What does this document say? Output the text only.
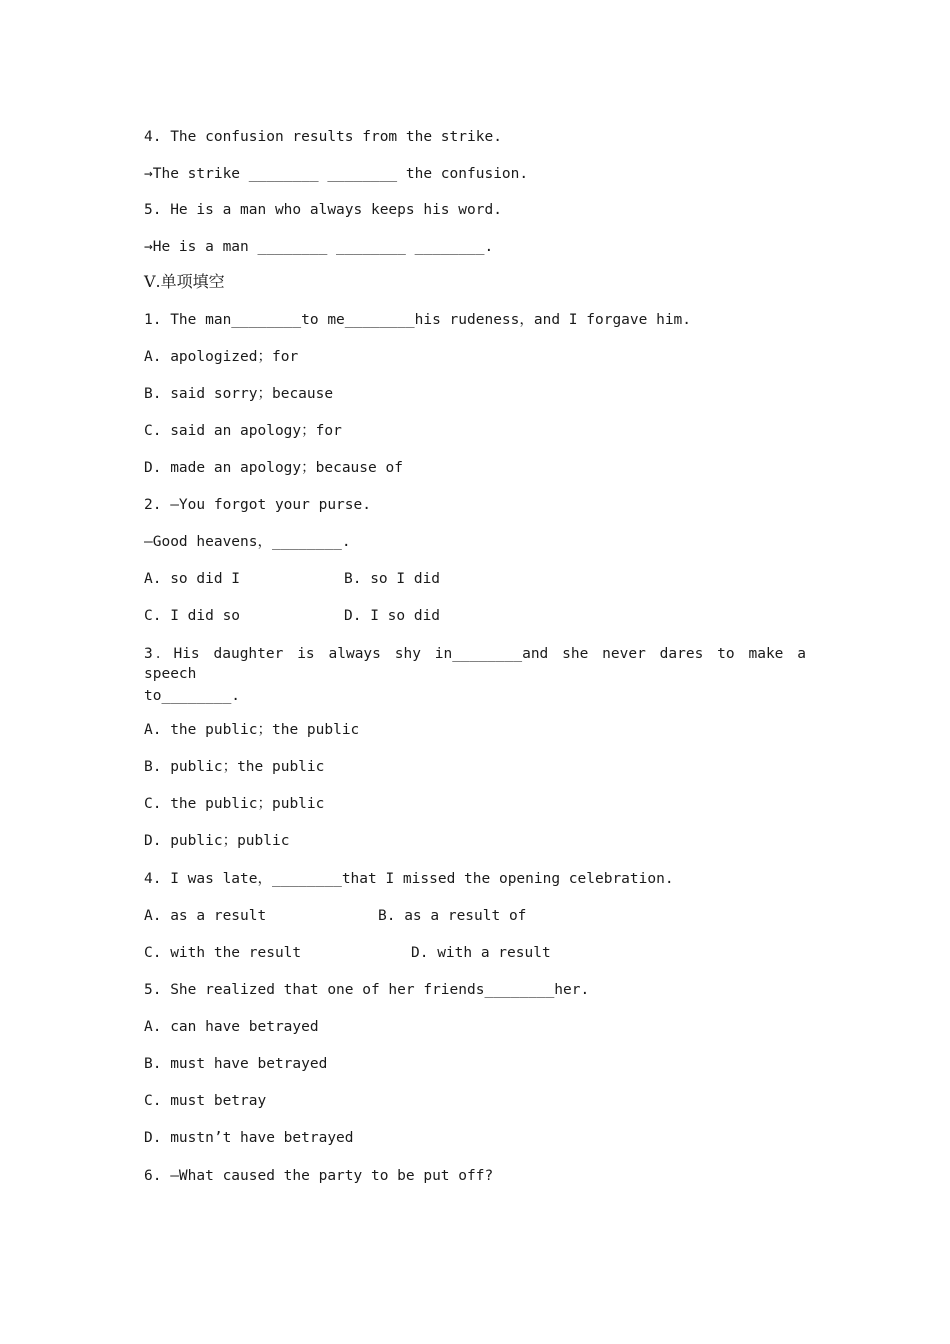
4. The confusion results from the strike.
→The strike ________ ________ the confusion.
5. He is a man who always keeps his word.
→He is a man ________ ________ ________.
Ⅴ.单项填空
1. The man________to me________his rudeness，and I forgave him.
A. apologized；for
B. said sorry；because
C. said an apology；for
D. made an apology；because of
2. —You forgot your purse.
—Good heavens，________.
A. so did I	B. so I did
C. I did so	D. I so did
3．His daughter is always shy in________and she never dares to make a speech
to________.
A. the public；the public
B. public；the public
C. the public；public
D. public；public
4. I was late，________that I missed the opening celebration.
A. as a result	B. as a result of
C. with the result	D. with a result
5. She realized that one of her friends________her.
A. can have betrayed
B. must have betrayed
C. must betray
D. mustn’t have betrayed
6. —What caused the party to be put off?
